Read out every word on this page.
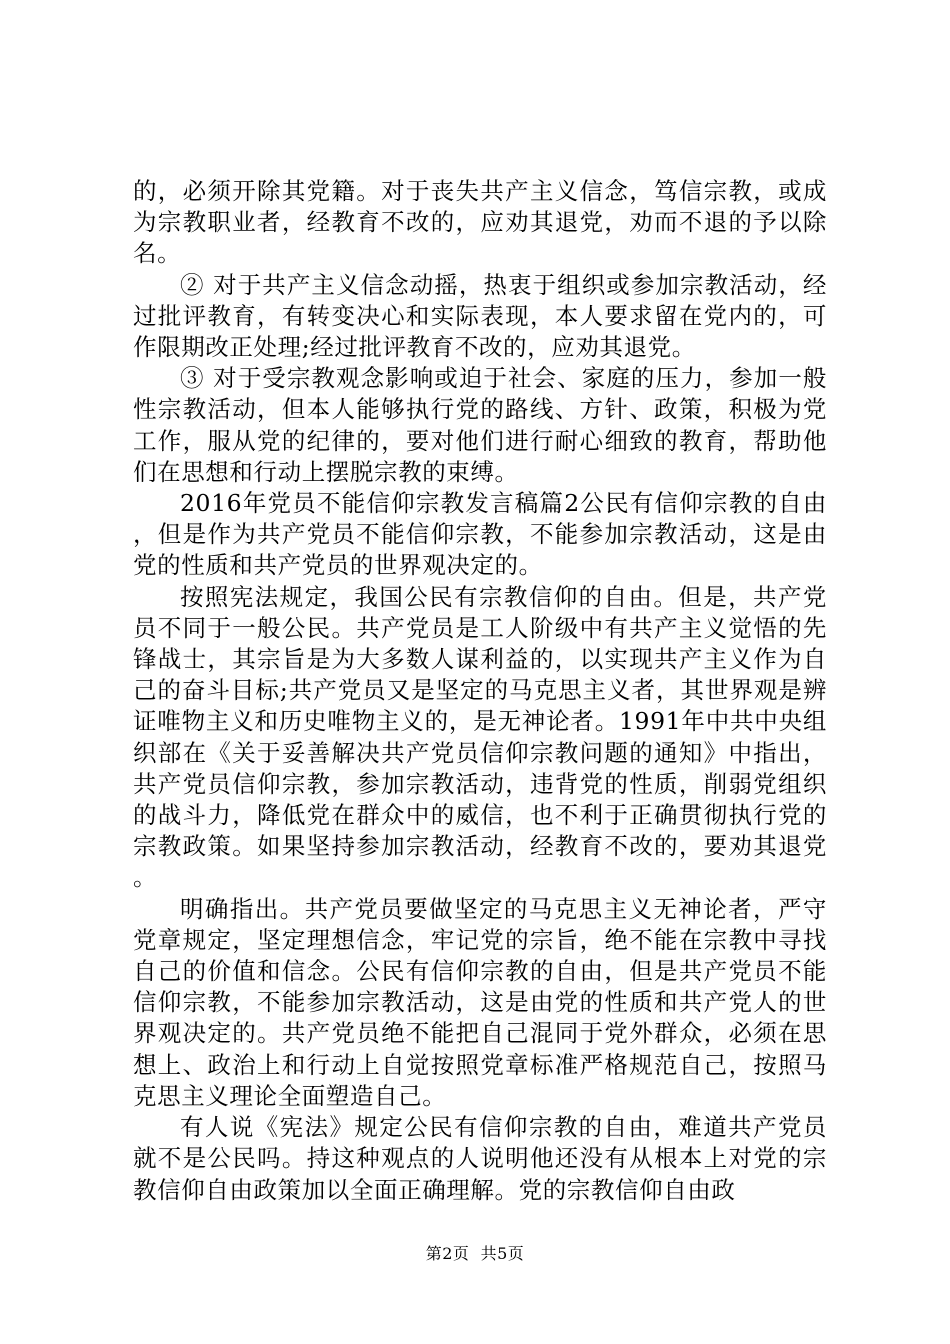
的，必须开除其党籍。对于丧失共产主义信念，笃信宗教，或成为宗教职业者，经教育不改的，应劝其退党，劝而不退的予以除名。

② 对于共产主义信念动摇，热衷于组织或参加宗教活动，经过批评教育，有转变决心和实际表现，本人要求留在党内的，可作限期改正处理;经过批评教育不改的，应劝其退党。

③ 对于受宗教观念影响或迫于社会、家庭的压力，参加一般性宗教活动，但本人能够执行党的路线、方针、政策，积极为党工作，服从党的纪律的，要对他们进行耐心细致的教育，帮助他们在思想和行动上摆脱宗教的束缚。

2016年党员不能信仰宗教发言稿篇2公民有信仰宗教的自由，但是作为共产党员不能信仰宗教，不能参加宗教活动，这是由党的性质和共产党员的世界观决定的。

按照宪法规定，我国公民有宗教信仰的自由。但是，共产党员不同于一般公民。共产党员是工人阶级中有共产主义觉悟的先锋战士，其宗旨是为大多数人谋利益的，以实现共产主义作为自己的奋斗目标;共产党员又是坚定的马克思主义者，其世界观是辨证唯物主义和历史唯物主义的，是无神论者。1991年中共中央组织部在《关于妥善解决共产党员信仰宗教问题的通知》中指出，共产党员信仰宗教，参加宗教活动，违背党的性质，削弱党组织的战斗力，降低党在群众中的威信，也不利于正确贯彻执行党的宗教政策。如果坚持参加宗教活动，经教育不改的，要劝其退党。

明确指出。共产党员要做坚定的马克思主义无神论者，严守党章规定，坚定理想信念，牢记党的宗旨，绝不能在宗教中寻找自己的价值和信念。公民有信仰宗教的自由，但是共产党员不能信仰宗教，不能参加宗教活动，这是由党的性质和共产党人的世界观决定的。共产党员绝不能把自己混同于党外群众，必须在思想上、政治上和行动上自觉按照党章标准严格规范自己，按照马克思主义理论全面塑造自己。

有人说《宪法》规定公民有信仰宗教的自由，难道共产党员就不是公民吗。持这种观点的人说明他还没有从根本上对党的宗教信仰自由政策加以全面正确理解。党的宗教信仰自由政

第2页 共5页
